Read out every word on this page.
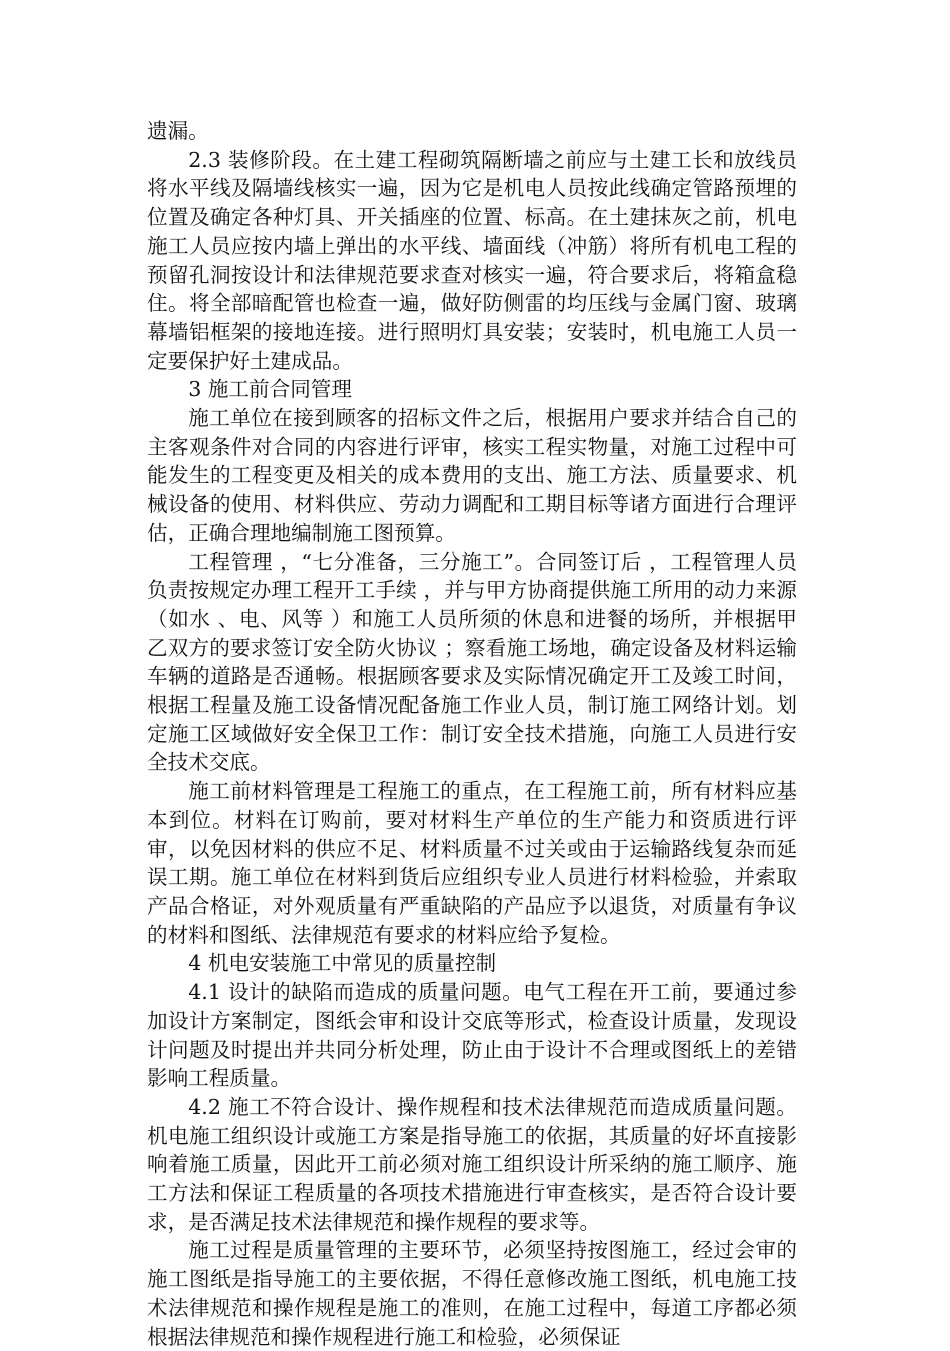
遗漏。

2.3 装修阶段。在土建工程砌筑隔断墙之前应与土建工长和放线员将水平线及隔墙线核实一遍，因为它是机电人员按此线确定管路预埋的位置及确定各种灯具、开关插座的位置、标高。在土建抹灰之前，机电施工人员应按内墙上弹出的水平线、墙面线（冲筋）将所有机电工程的预留孔洞按设计和法律规范要求查对核实一遍，符合要求后，将箱盒稳住。将全部暗配管也检查一遍，做好防侧雷的均压线与金属门窗、玻璃幕墙铝框架的接地连接。进行照明灯具安装；安装时，机电施工人员一定要保护好土建成品。

3 施工前合同管理

施工单位在接到顾客的招标文件之后，根据用户要求并结合自己的主客观条件对合同的内容进行评审，核实工程实物量，对施工过程中可能发生的工程变更及相关的成本费用的支出、施工方法、质量要求、机械设备的使用、材料供应、劳动力调配和工期目标等诸方面进行合理评估，正确合理地编制施工图预算。

工程管理 ，“七分准备，三分施工”。合同签订后 ，工程管理人员负责按规定办理工程开工手续 ，并与甲方协商提供施工所用的动力来源 （如水 、电、风等 ）和施工人员所须的休息和进餐的场所，并根据甲乙双方的要求签订安全防火协议 ；察看施工场地，确定设备及材料运输车辆的道路是否通畅。根据顾客要求及实际情况确定开工及竣工时间，根据工程量及施工设备情况配备施工作业人员，制订施工网络计划。划定施工区域做好安全保卫工作：制订安全技术措施，向施工人员进行安全技术交底。

施工前材料管理是工程施工的重点，在工程施工前，所有材料应基本到位。材料在订购前，要对材料生产单位的生产能力和资质进行评审，以免因材料的供应不足、材料质量不过关或由于运输路线复杂而延误工期。施工单位在材料到货后应组织专业人员进行材料检验，并索取产品合格证，对外观质量有严重缺陷的产品应予以退货，对质量有争议的材料和图纸、法律规范有要求的材料应给予复检。

4 机电安装施工中常见的质量控制

4.1 设计的缺陷而造成的质量问题。电气工程在开工前，要通过参加设计方案制定，图纸会审和设计交底等形式，检查设计质量，发现设计问题及时提出并共同分析处理，防止由于设计不合理或图纸上的差错影响工程质量。

4.2 施工不符合设计、操作规程和技术法律规范而造成质量问题。机电施工组织设计或施工方案是指导施工的依据，其质量的好坏直接影响着施工质量，因此开工前必须对施工组织设计所采纳的施工顺序、施工方法和保证工程质量的各项技术措施进行审查核实，是否符合设计要求，是否满足技术法律规范和操作规程的要求等。

施工过程是质量管理的主要环节，必须坚持按图施工，经过会审的施工图纸是指导施工的主要依据，不得任意修改施工图纸，机电施工技术法律规范和操作规程是施工的准则，在施工过程中，每道工序都必须根据法律规范和操作规程进行施工和检验，必须保证
